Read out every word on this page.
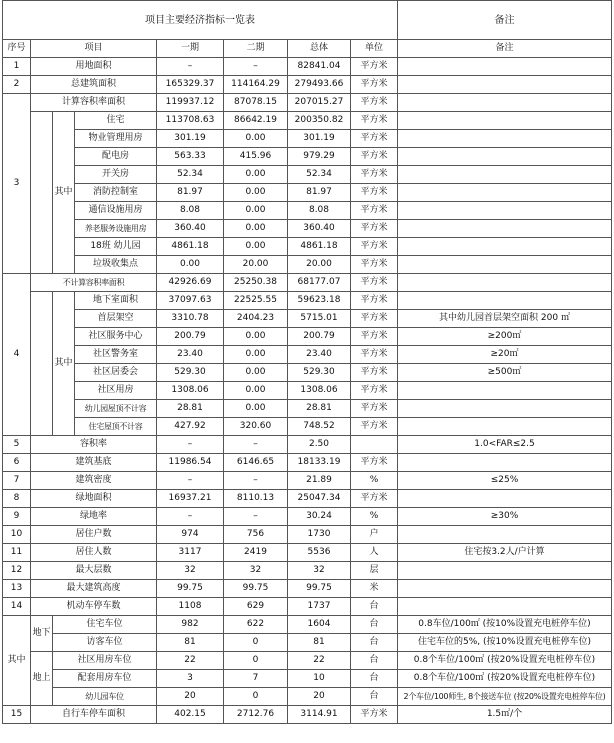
项目主要经济指标一览表								备注
序号	项目			一期	二期	总体	单位	备注
1	用地面积			–	–	82841.04	平方米	
2	总建筑面积			165329.37	114164.29	279493.66	平方米	
3	计算容积率面积			119937.12	87078.15	207015.27	平方米	
		其中	住宅	113708.63	86642.19	200350.82	平方米	
			物业管理用房	301.19	0.00	301.19	平方米	
			配电房	563.33	415.96	979.29	平方米	
			开关房	52.34	0.00	52.34	平方米	
			消防控制室	81.97	0.00	81.97	平方米	
			通信设施用房	8.08	0.00	8.08	平方米	
			养老服务设施用房	360.40	0.00	360.40	平方米	
			18班 幼儿园	4861.18	0.00	4861.18	平方米	
			垃圾收集点	0.00	20.00	20.00	平方米	
4	不计算容积率面积			42926.69	25250.38	68177.07	平方米	
		其中	地下室面积	37097.63	22525.55	59623.18	平方米	
			首层架空	3310.78	2404.23	5715.01	平方米	其中幼儿园首层架空面积 200 ㎡
			社区服务中心	200.79	0.00	200.79	平方米	≥200㎡
			社区警务室	23.40	0.00	23.40	平方米	≥20㎡
			社区居委会	529.30	0.00	529.30	平方米	≥500㎡
			社区用房	1308.06	0.00	1308.06	平方米	
			幼儿园屋顶不计容	28.81	0.00	28.81	平方米	
			住宅屋顶不计容	427.92	320.60	748.52	平方米	
5	容积率			–	–	2.50		1.0<FAR≤2.5
6	建筑基底			11986.54	6146.65	18133.19	平方米	
7	建筑密度			–	–	21.89	%	≤25%
8	绿地面积			16937.21	8110.13	25047.34	平方米	
9	绿地率			–	–	30.24	%	≥30%
10	居住户数			974	756	1730	户	
11	居住人数			3117	2419	5536	人	住宅按3.2人/户计算
12	最大层数			32	32	32	层	
13	最大建筑高度			99.75	99.75	99.75	米	
14	机动车停车数			1108	629	1737	台	
其中	地下	住宅车位		982	622	1604	台	0.8车位/100㎡ (按10%设置充电桩停车位)
		访客车位		81	0	81	台	住宅车位的5%, (按10%设置充电桩停车位)
	地上	社区用房车位		22	0	22	台	0.8个车位/100㎡ (按20%设置充电桩停车位)
		配套用房车位		3	7	10	台	0.8个车位/100㎡ (按20%设置充电桩停车位)
		幼儿园车位		20	0	20	台	2个车位/100师生, 8个接送车位 (按20%设置充电桩停车位)
15	自行车停车面积			402.15	2712.76	3114.91	平方米	1.5㎡/个
